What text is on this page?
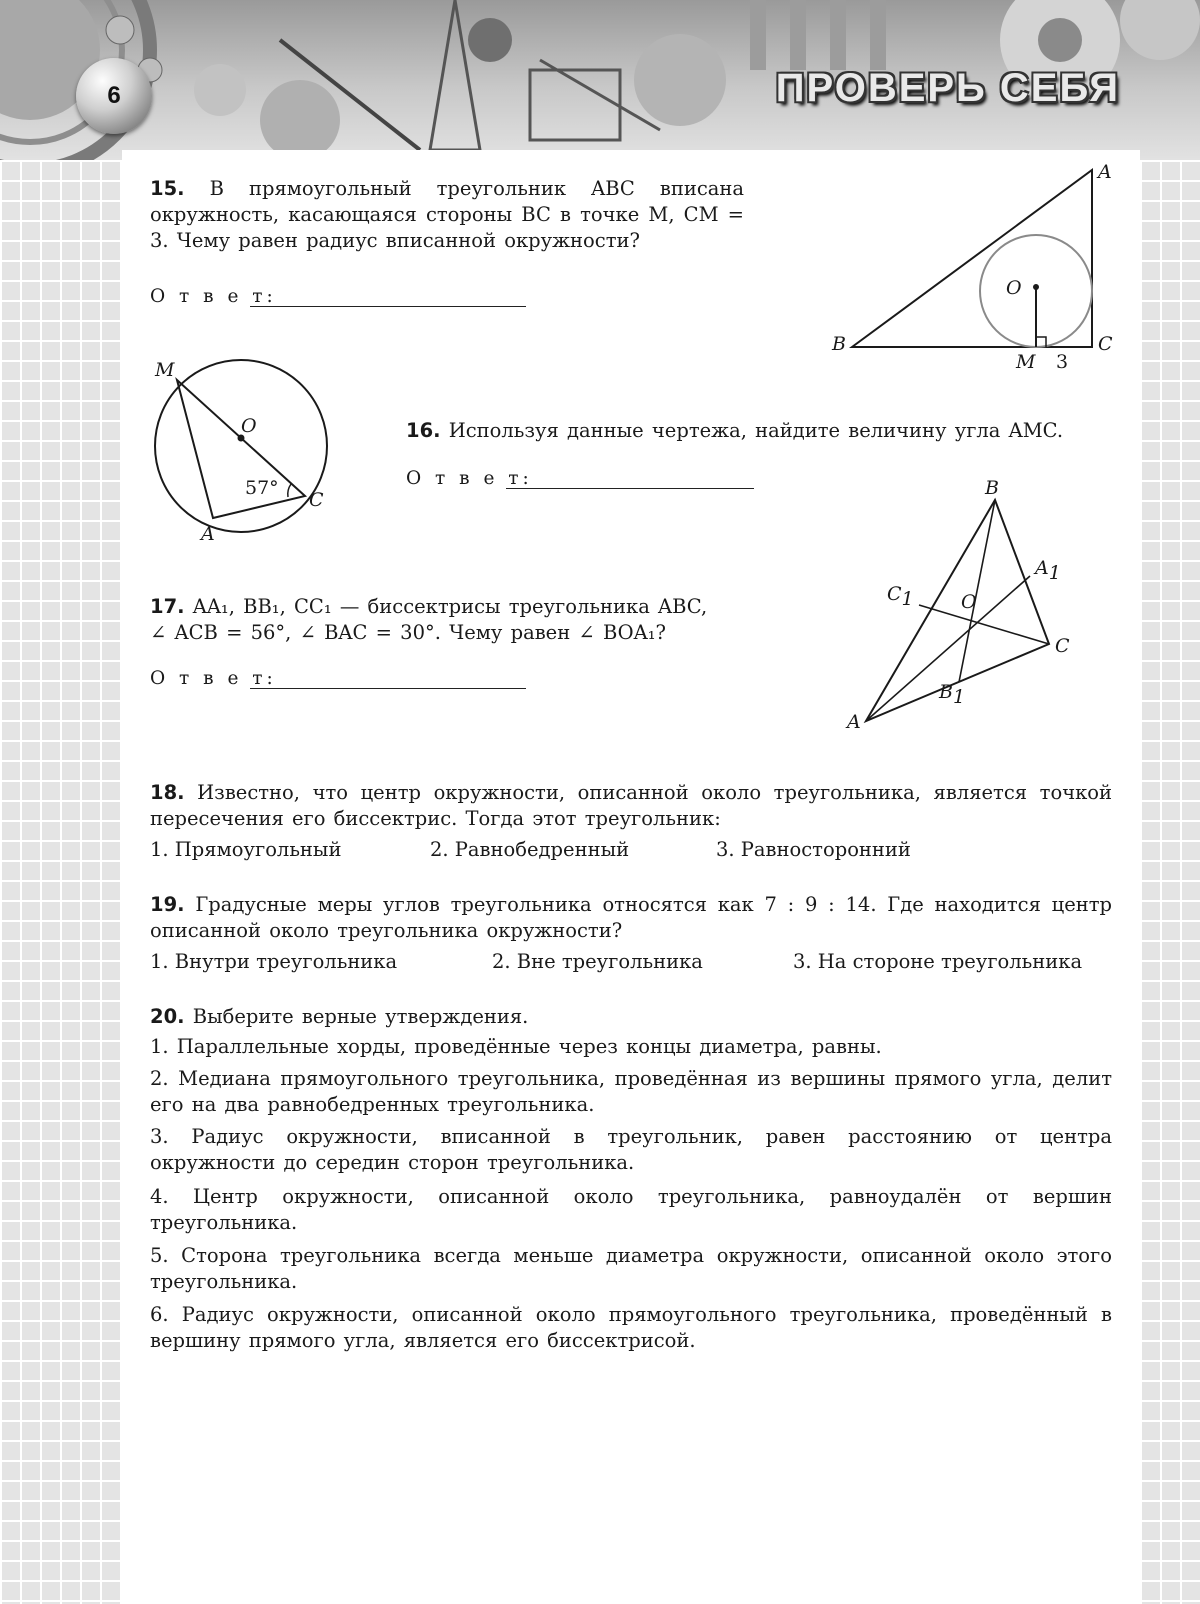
6	ПРОВЕРЬ СЕБЯ
15. В прямоугольный треугольник ABC вписана окружность, касающаяся стороны BC в точке M, CM = 3. Чему равен радиус вписанной окружности?
О т в е т:
A
B	C
O
M 3
M
O
C
A
57°
16. Используя данные чертежа, найдите величину угла AMC.
О т в е т:
17. AA₁, BB₁, CC₁ — биссектрисы треугольника ABC,
∠ ACB = 56°, ∠ BAC = 30°. Чему равен ∠ BOA₁?
О т в е т:
B
A1
C1 O
C
B1
A
18. Известно, что центр окружности, описанной около треугольника, является точкой пересечения его биссектрис. Тогда этот треугольник:
1. Прямоугольный	2. Равнобедренный	3. Равносторонний
19. Градусные меры углов треугольника относятся как 7 : 9 : 14. Где находится центр описанной около треугольника окружности?
1. Внутри треугольника	2. Вне треугольника	3. На стороне треугольника
20. Выберите верные утверждения.
1. Параллельные хорды, проведённые через концы диаметра, равны.
2. Медиана прямоугольного треугольника, проведённая из вершины прямого угла, делит его на два равнобедренных треугольника.
3. Радиус окружности, вписанной в треугольник, равен расстоянию от центра окружности до середин сторон треугольника.
4. Центр окружности, описанной около треугольника, равноудалён от вершин треугольника.
5. Сторона треугольника всегда меньше диаметра окружности, описанной около этого треугольника.
6. Радиус окружности, описанной около прямоугольного треугольника, проведённый в вершину прямого угла, является его биссектрисой.
